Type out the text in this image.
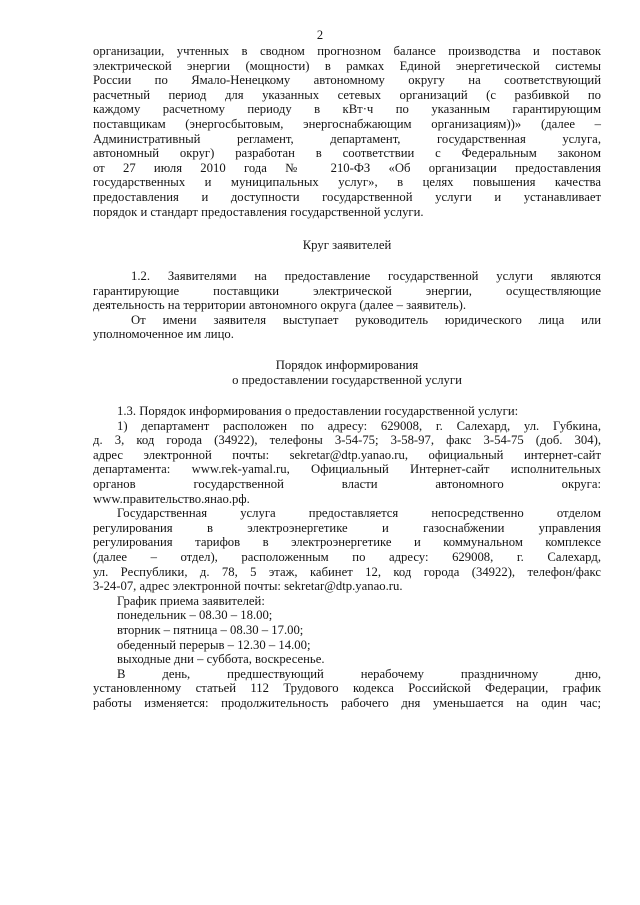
2
организации, учтенных в сводном прогнозном балансе производства и поставок
электрической энергии (мощности) в рамках Единой энергетической системы
России по Ямало-Ненецкому автономному округу на соответствующий
расчетный период для указанных сетевых организаций (с разбивкой по
каждому расчетному периоду в кВт·ч по указанным гарантирующим
поставщикам (энергосбытовым, энергоснабжающим организациям))» (далее –
Административный регламент, департамент, государственная услуга,
автономный округ) разработан в соответствии с Федеральным законом
от 27 июля 2010 года № 210-ФЗ «Об организации предоставления
государственных и муниципальных услуг», в целях повышения качества
предоставления и доступности государственной услуги и устанавливает
порядок и стандарт предоставления государственной услуги.
Круг заявителей
1.2. Заявителями на предоставление государственной услуги являются
гарантирующие поставщики электрической энергии, осуществляющие
деятельность на территории автономного округа (далее – заявитель).
От имени заявителя выступает руководитель юридического лица или
уполномоченное им лицо.
Порядок информирования
о предоставлении государственной услуги
1.3. Порядок информирования о предоставлении государственной услуги:
1) департамент расположен по адресу: 629008, г. Салехард, ул. Губкина,
д. 3, код города (34922), телефоны 3-54-75; 3-58-97, факс 3-54-75 (доб. 304),
адрес электронной почты: sekretar@dtp.yanao.ru, официальный интернет-сайт
департамента: www.rek-yamal.ru, Официальный Интернет-сайт исполнительных
органов государственной власти автономного округа:
www.правительство.янао.рф.
Государственная услуга предоставляется непосредственно отделом
регулирования в электроэнергетике и газоснабжении управления
регулирования тарифов в электроэнергетике и коммунальном комплексе
(далее – отдел), расположенным по адресу: 629008, г. Салехард,
ул. Республики, д. 78, 5 этаж, кабинет 12, код города (34922), телефон/факс
3-24-07, адрес электронной почты: sekretar@dtp.yanao.ru.
График приема заявителей:
понедельник – 08.30 – 18.00;
вторник – пятница – 08.30 – 17.00;
обеденный перерыв – 12.30 – 14.00;
выходные дни – суббота, воскресенье.
В день, предшествующий нерабочему праздничному дню,
установленному статьей 112 Трудового кодекса Российской Федерации, график
работы изменяется: продолжительность рабочего дня уменьшается на один час;
